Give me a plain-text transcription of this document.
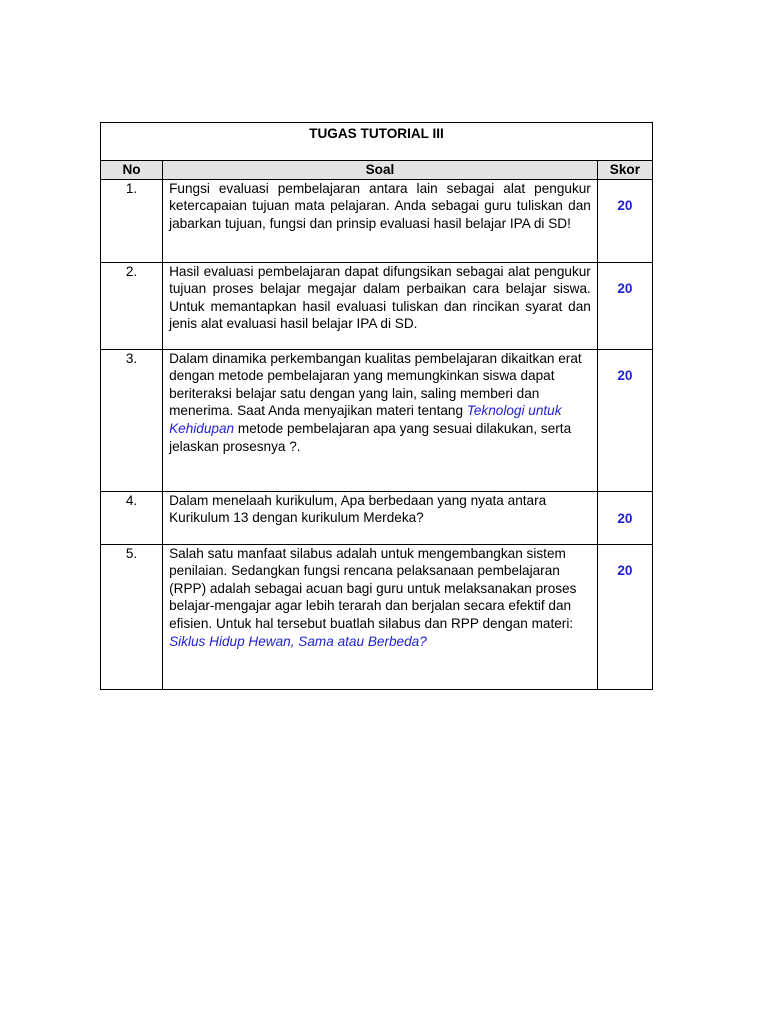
TUGAS TUTORIAL III		
No	Soal	Skor
1.	Fungsi evaluasi pembelajaran antara lain sebagai alat pengukur ketercapaian tujuan mata pelajaran. Anda sebagai guru tuliskan dan jabarkan tujuan, fungsi dan prinsip evaluasi hasil belajar IPA di SD!	20
2.	Hasil evaluasi pembelajaran dapat difungsikan sebagai alat pengukur tujuan proses belajar megajar dalam perbaikan cara belajar siswa. Untuk memantapkan hasil evaluasi tuliskan dan rincikan syarat dan jenis alat evaluasi hasil belajar IPA di SD.	20
3.	Dalam dinamika perkembangan kualitas pembelajaran dikaitkan erat dengan metode pembelajaran yang memungkinkan siswa dapat beriteraksi belajar satu dengan yang lain, saling memberi dan menerima. Saat Anda menyajikan materi tentang Teknologi untuk Kehidupan metode pembelajaran apa yang sesuai dilakukan, serta jelaskan prosesnya ?.	20
4.	Dalam menelaah kurikulum, Apa berbedaan yang nyata antara Kurikulum 13 dengan kurikulum Merdeka?	20
5.	Salah satu manfaat silabus adalah untuk mengembangkan sistem penilaian. Sedangkan fungsi rencana pelaksanaan pembelajaran (RPP) adalah sebagai acuan bagi guru untuk melaksanakan proses belajar-mengajar agar lebih terarah dan berjalan secara efektif dan efisien. Untuk hal tersebut buatlah silabus dan RPP dengan materi: Siklus Hidup Hewan, Sama atau Berbeda?	20
